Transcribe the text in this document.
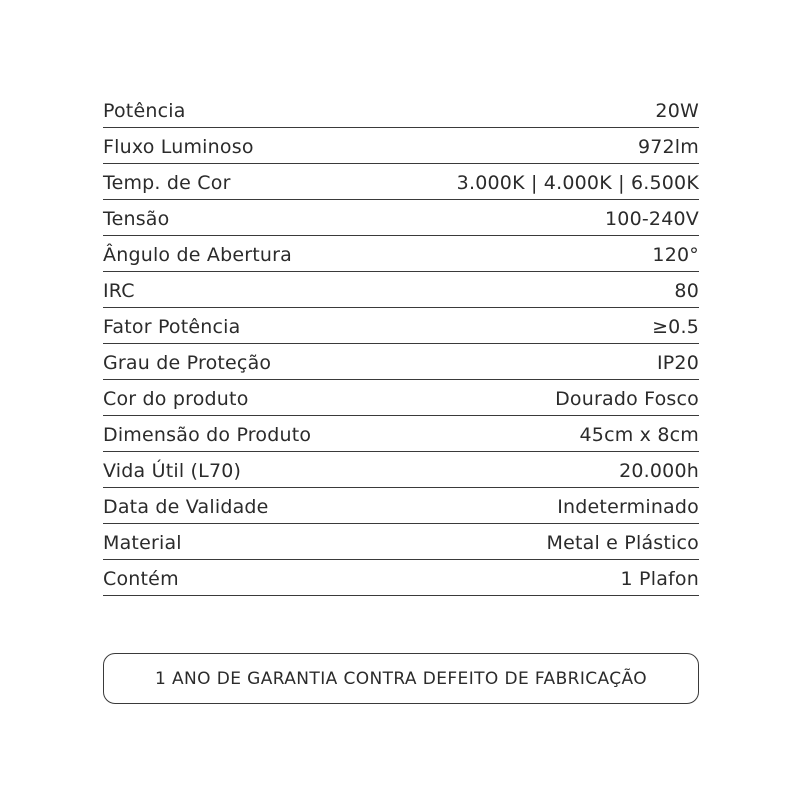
Potência	20W
Fluxo Luminoso	972lm
Temp. de Cor	3.000K | 4.000K | 6.500K
Tensão	100-240V
Ângulo de Abertura	120°
IRC	80
Fator Potência	≥0.5
Grau de Proteção	IP20
Cor do produto	Dourado Fosco
Dimensão do Produto	45cm x 8cm
Vida Útil (L70)	20.000h
Data de Validade	Indeterminado
Material	Metal e Plástico
Contém	1 Plafon
1 ANO DE GARANTIA CONTRA DEFEITO DE FABRICAÇÃO
